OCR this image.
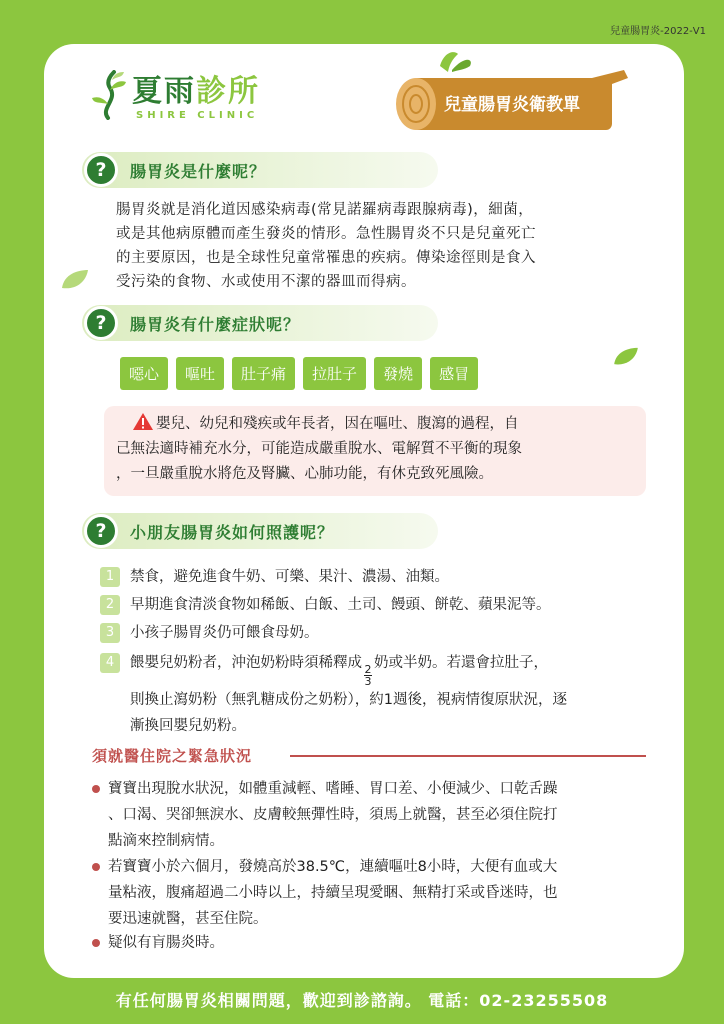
兒童腸胃炎-2022-V1
夏雨診所
SHIRE CLINIC
兒童腸胃炎衛教單
?	腸胃炎是什麼呢？
腸胃炎就是消化道因感染病毒(常見諾羅病毒跟腺病毒)，細菌，
或是其他病原體而產生發炎的情形。急性腸胃炎不只是兒童死亡
的主要原因，也是全球性兒童常罹患的疾病。傳染途徑則是食入
受污染的食物、水或使用不潔的器皿而得病。
?	腸胃炎有什麼症狀呢？
噁心	嘔吐	肚子痛	拉肚子	發燒	感冒
嬰兒、幼兒和殘疾或年長者，因在嘔吐、腹瀉的過程，自
己無法適時補充水分，可能造成嚴重脫水、電解質不平衡的現象
，一旦嚴重脫水將危及腎臟、心肺功能，有休克致死風險。
?	小朋友腸胃炎如何照護呢？
1	禁食，避免進食牛奶、可樂、果汁、濃湯、油類。
2	早期進食清淡食物如稀飯、白飯、土司、饅頭、餅乾、蘋果泥等。
3	小孩子腸胃炎仍可餵食母奶。
4	餵嬰兒奶粉者，沖泡奶粉時須稀釋成
$\frac{2}{3}$
奶或半奶。若還會拉肚子，
則換止瀉奶粉（無乳糖成份之奶粉），約1週後，視病情復原狀況，逐
漸換回嬰兒奶粉。
須就醫住院之緊急狀況
寶寶出現脫水狀況，如體重減輕、嗜睡、胃口差、小便減少、口乾舌躁
、口渴、哭卻無淚水、皮膚較無彈性時，須馬上就醫，甚至必須住院打
點滴來控制病情。
若寶寶小於六個月，發燒高於38.5℃，連續嘔吐8小時，大便有血或大
量粘液，腹痛超過二小時以上，持續呈現愛睏、無精打采或昏迷時，也
要迅速就醫，甚至住院。
疑似有肓腸炎時。
有任何腸胃炎相關問題，歡迎到診諮詢。 電話：02-23255508
